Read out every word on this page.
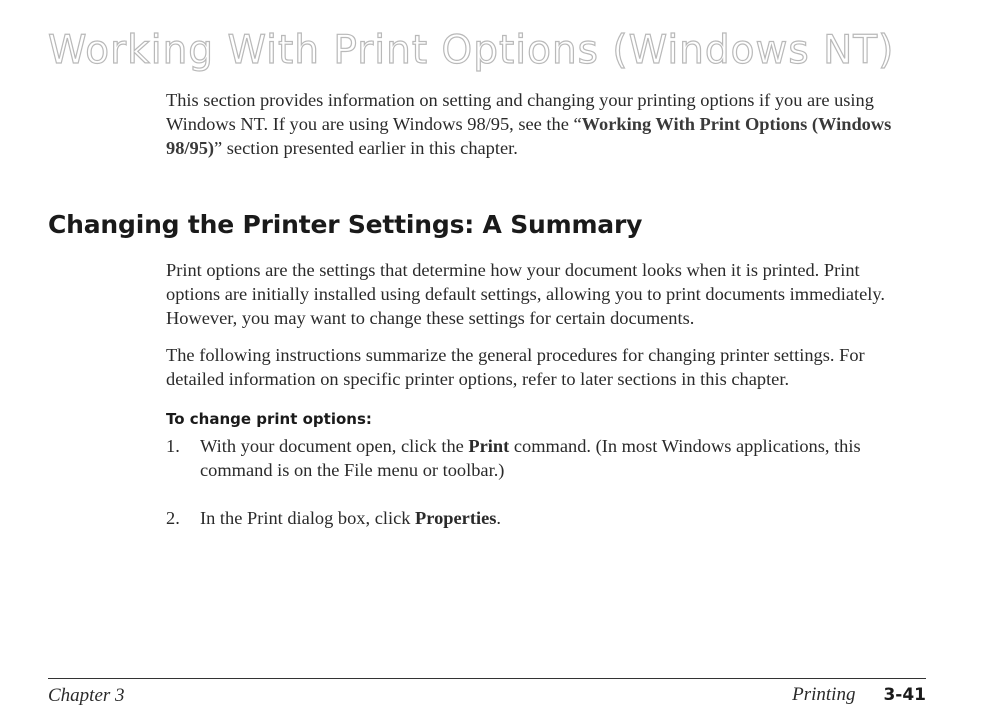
Working With Print Options (Windows NT)

This section provides information on setting and changing your printing options if you are using Windows NT. If you are using Windows 98/95, see the “Working With Print Options (Windows 98/95)” section presented earlier in this chapter.

Changing the Printer Settings: A Summary

Print options are the settings that determine how your document looks when it is printed. Print options are initially installed using default settings, allowing you to print documents immediately. However, you may want to change these settings for certain documents.

The following instructions summarize the general procedures for changing printer settings. For detailed information on specific printer options, refer to later sections in this chapter.

To change print options:
1.	With your document open, click the Print command. (In most Windows applications, this command is on the File menu or toolbar.)
2.	In the Print dialog box, click Properties.
Chapter 3	Printing 3-41
